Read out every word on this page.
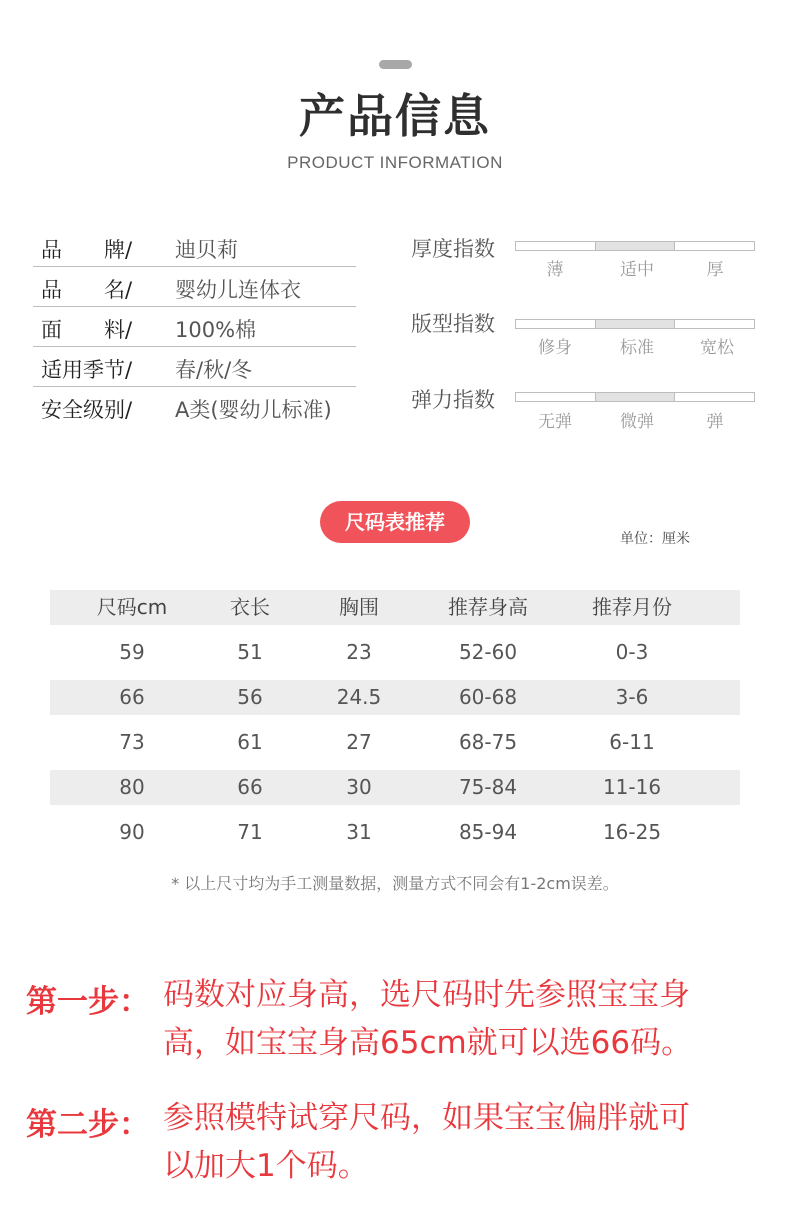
产品信息
PRODUCT INFORMATION
品　　牌/ 迪贝莉
品　　名/ 婴幼儿连体衣
面　　料/ 100%棉
适用季节/ 春/秋/冬
安全级别/ A类(婴幼儿标准)
厚度指数
薄	适中	厚
版型指数
修身	标准	宽松
弹力指数
无弹	微弹	弹
尺码表推荐
单位：厘米
尺码cm	衣长	胸围	推荐身高	推荐月份
59	51	23	52-60	0-3
66	56	24.5	60-68	3-6
73	61	27	68-75	6-11
80	66	30	75-84	11-16
90	71	31	85-94	16-25
* 以上尺寸均为手工测量数据，测量方式不同会有1-2cm误差。
第一步： 码数对应身高，选尺码时先参照宝宝身
高，如宝宝身高65cm就可以选66码。
第二步： 参照模特试穿尺码，如果宝宝偏胖就可
以加大1个码。
